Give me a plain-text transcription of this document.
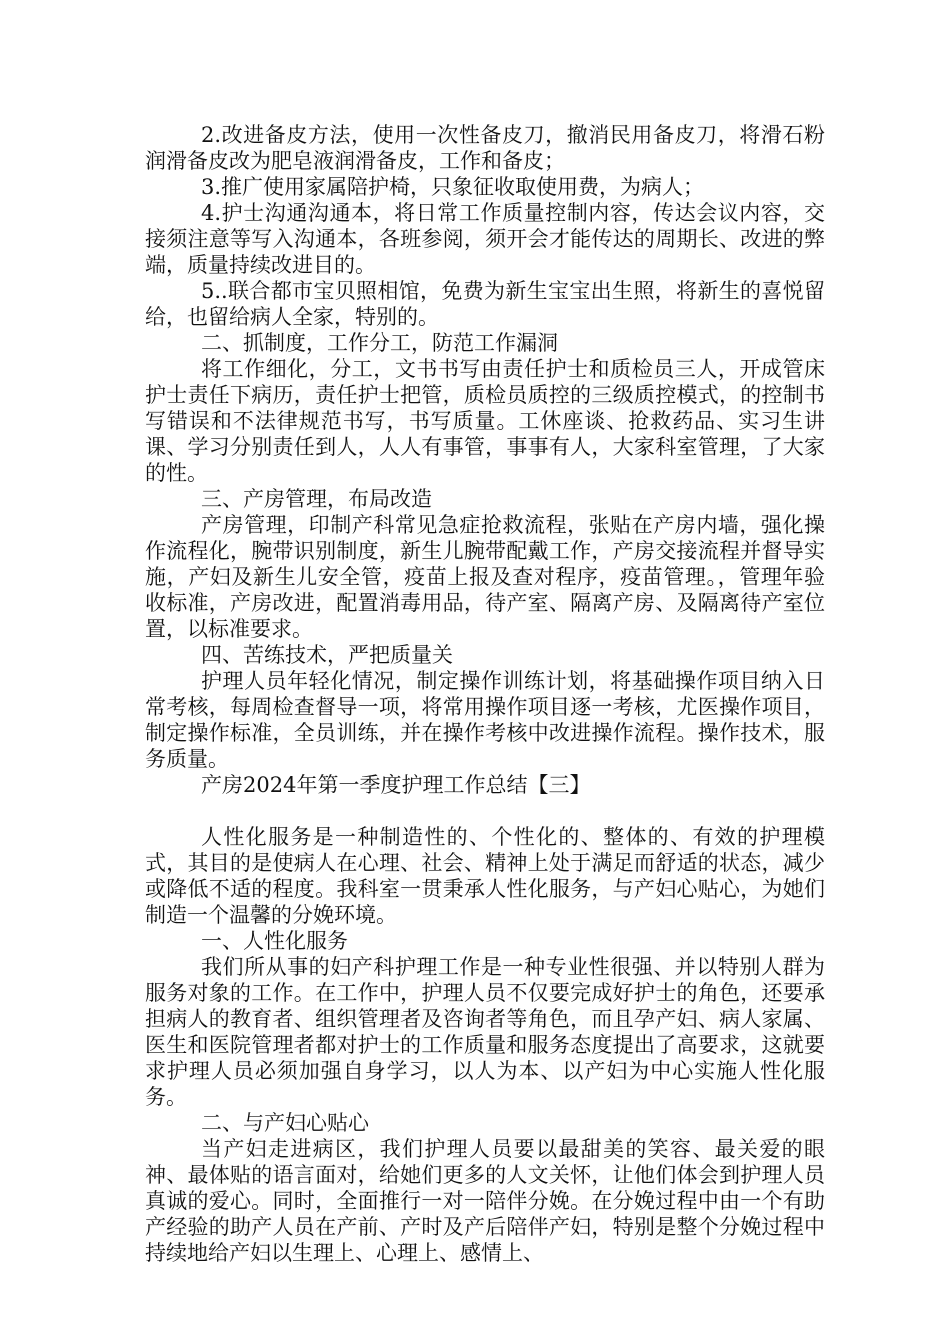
2.改进备皮方法，使用一次性备皮刀，撤消民用备皮刀，将滑石粉润滑备皮改为肥皂液润滑备皮，工作和备皮；

3.推广使用家属陪护椅，只象征收取使用费，为病人；

4.护士沟通沟通本，将日常工作质量控制内容，传达会议内容，交接须注意等写入沟通本，各班参阅，须开会才能传达的周期长、改进的弊端，质量持续改进目的。

5..联合都市宝贝照相馆，免费为新生宝宝出生照，将新生的喜悦留给，也留给病人全家，特别的。

二、抓制度，工作分工，防范工作漏洞

将工作细化，分工，文书书写由责任护士和质检员三人，开成管床护士责任下病历，责任护士把管，质检员质控的三级质控模式，的控制书写错误和不法律规范书写，书写质量。工休座谈、抢救药品、实习生讲课、学习分别责任到人，人人有事管，事事有人，大家科室管理，了大家的性。

三、产房管理，布局改造

产房管理，印制产科常见急症抢救流程，张贴在产房内墙，强化操作流程化，腕带识别制度，新生儿腕带配戴工作，产房交接流程并督导实施，产妇及新生儿安全管，疫苗上报及查对程序，疫苗管理。，管理年验收标准，产房改进，配置消毒用品，待产室、隔离产房、及隔离待产室位置，以标准要求。

四、苦练技术，严把质量关

护理人员年轻化情况，制定操作训练计划，将基础操作项目纳入日常考核，每周检查督导一项，将常用操作项目逐一考核，尤医操作项目，制定操作标准，全员训练，并在操作考核中改进操作流程。操作技术，服务质量。

产房2024年第一季度护理工作总结【三】

人性化服务是一种制造性的、个性化的、整体的、有效的护理模式，其目的是使病人在心理、社会、精神上处于满足而舒适的状态，减少或降低不适的程度。我科室一贯秉承人性化服务，与产妇心贴心，为她们制造一个温馨的分娩环境。

一、人性化服务

我们所从事的妇产科护理工作是一种专业性很强、并以特别人群为服务对象的工作。在工作中，护理人员不仅要完成好护士的角色，还要承担病人的教育者、组织管理者及咨询者等角色，而且孕产妇、病人家属、医生和医院管理者都对护士的工作质量和服务态度提出了高要求，这就要求护理人员必须加强自身学习，以人为本、以产妇为中心实施人性化服务。

二、与产妇心贴心

当产妇走进病区，我们护理人员要以最甜美的笑容、最关爱的眼神、最体贴的语言面对，给她们更多的人文关怀，让他们体会到护理人员真诚的爱心。同时，全面推行一对一陪伴分娩。在分娩过程中由一个有助产经验的助产人员在产前、产时及产后陪伴产妇，特别是整个分娩过程中持续地给产妇以生理上、心理上、感情上、
